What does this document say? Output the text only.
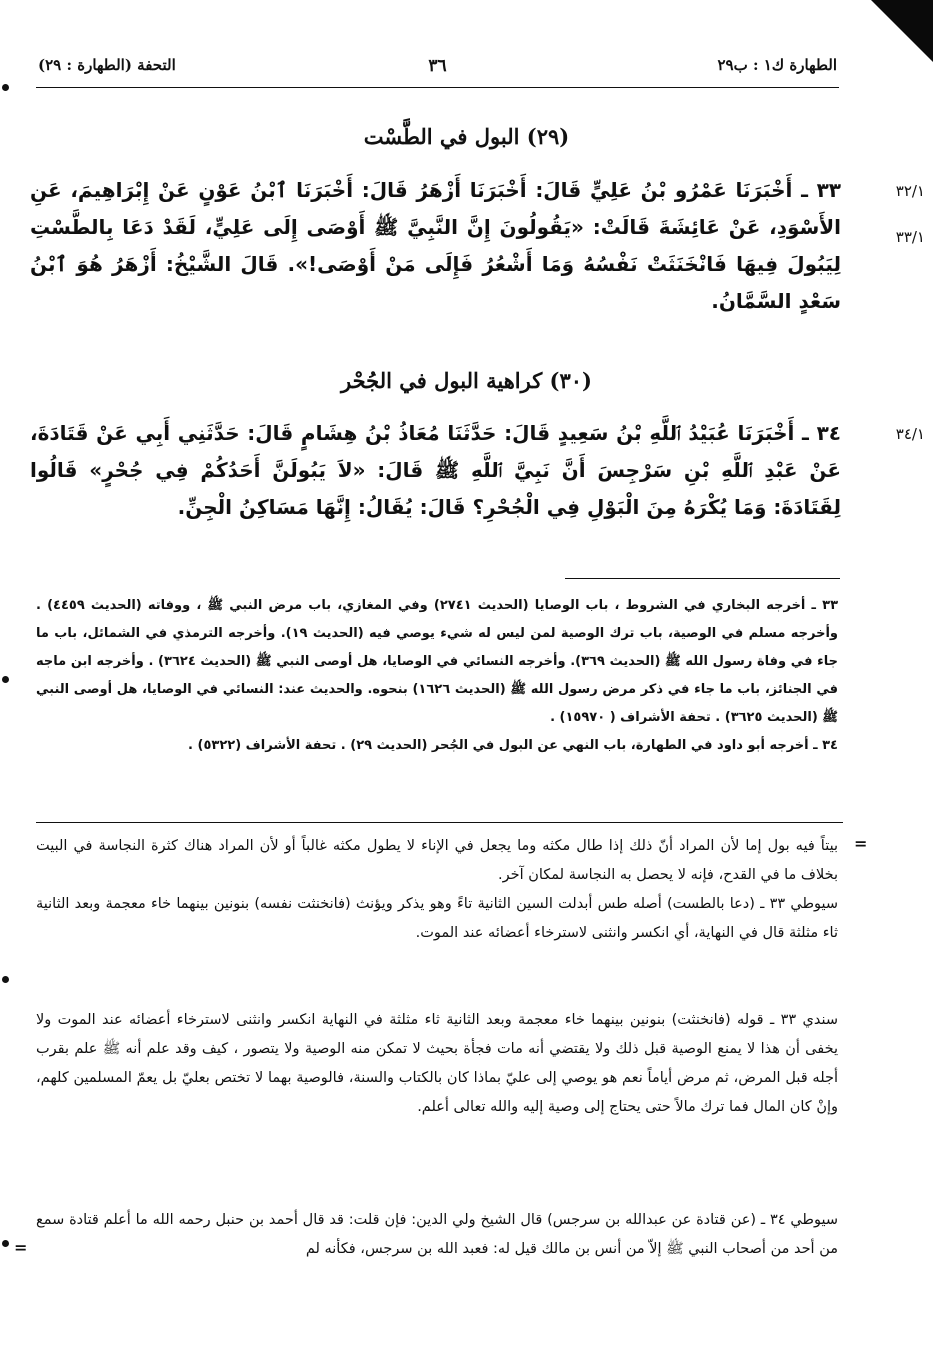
الطهارة ك١ : ب٢٩
٣٦
التحفة (الطهارة : ٢٩)
(٢٩) البول في الطَّسْت
٣٢/١
٣٣/١
٣٣ ـ أَخْبَرَنَا عَمْرُو بْنُ عَلِيٍّ قَالَ: أَخْبَرَنَا أَزْهَرُ قَالَ: أَخْبَرَنَا ٱبْنُ عَوْنٍ عَنْ إِبْرَاهِيمَ، عَنِ الأَسْوَدِ، عَنْ عَائِشَةَ قَالَتْ: «يَقُولُونَ إِنَّ النَّبِيَّ ﷺ أَوْصَى إِلَى عَلِيٍّ، لَقَدْ دَعَا بِالطَّسْتِ لِيَبُولَ فِيهَا فَانْخَنَثَتْ نَفْسُهُ وَمَا أَشْعُرُ فَإِلَى مَنْ أَوْصَى!». قَالَ الشَّيْخُ: أَزْهَرُ هُوَ ٱبْنُ سَعْدٍ السَّمَّانُ.
(٣٠) كراهية البول في الجُحْر
٣٤/١
٣٤ ـ أَخْبَرَنَا عُبَيْدُ ٱللَّهِ بْنُ سَعِيدٍ قَالَ: حَدَّثَنَا مُعَاذُ بْنُ هِشَامٍ قَالَ: حَدَّثَنِي أَبِي عَنْ قَتَادَةَ، عَنْ عَبْدِ ٱللَّهِ بْنِ سَرْجِسَ أَنَّ نَبِيَّ ٱللَّهِ ﷺ قَالَ: «لاَ يَبُولَنَّ أَحَدُكُمْ فِي جُحْرٍ» قَالُوا لِقَتَادَةَ: وَمَا يُكْرَهُ مِنَ الْبَوْلِ فِي الْجُحْرِ؟ قَالَ: يُقَالُ: إِنَّهَا مَسَاكِنُ الْجِنِّ.

٣٣ ـ أخرجه البخاري في الشروط ، باب الوصايا (الحديث ٢٧٤١) وفي المغازي، باب مرض النبي ﷺ ، ووفاته (الحديث ٤٤٥٩) . وأخرجه مسلم في الوصية، باب ترك الوصية لمن ليس له شيء يوصي فيه (الحديث ١٩). وأخرجه الترمذي في الشمائل، باب ما جاء في وفاة رسول الله ﷺ (الحديث ٣٦٩). وأخرجه النسائي في الوصايا، هل أوصى النبي ﷺ (الحديث ٣٦٢٤) . وأخرجه ابن ماجه في الجنائز، باب ما جاء في ذكر مرض رسول الله ﷺ (الحديث ١٦٢٦) بنحوه. والحديث عند: النسائي في الوصايا، هل أوصى النبي ﷺ (الحديث ٣٦٢٥) . تحفة الأشراف ( ١٥٩٧٠) .

٣٤ ـ أخرجه أبو داود في الطهارة، باب النهي عن البول في الجُحر (الحديث ٢٩) . تحفة الأشراف (٥٣٢٢) .

=

بيتاً فيه بول إما لأن المراد أنّ ذلك إذا طال مكثه وما يجعل في الإناء لا يطول مكثه غالباً أو لأن المراد هناك كثرة النجاسة في البيت بخلاف ما في القدح، فإنه لا يحصل به النجاسة لمكان آخر.

سيوطي ٣٣ ـ (دعا بالطست) أصله طس أبدلت السين الثانية تاءً وهو يذكر ويؤنث (فانخنثت نفسه) بنونين بينهما خاء معجمة وبعد الثانية ثاء مثلثة قال في النهاية، أي انكسر وانثنى لاسترخاء أعضائه عند الموت.

سندي ٣٣ ـ قوله (فانخنثت) بنونين بينهما خاء معجمة وبعد الثانية ثاء مثلثة في النهاية انكسر وانثنى لاسترخاء أعضائه عند الموت ولا يخفى أن هذا لا يمنع الوصية قبل ذلك ولا يقتضي أنه مات فجأة بحيث لا تمكن منه الوصية ولا يتصور ، كيف وقد علم أنه ﷺ علم بقرب أجله قبل المرض، ثم مرض أياماً نعم هو يوصي إلى عليّ بماذا كان بالكتاب والسنة، فالوصية بهما لا تختص بعليّ بل يعمّ المسلمين كلهم، وإنْ كان المال فما ترك مالاً حتى يحتاج إلى وصية إليه والله تعالى أعلم.

سيوطي ٣٤ ـ (عن قتادة عن عبدالله بن سرجس) قال الشيخ ولي الدين: فإن قلت: قد قال أحمد بن حنبل رحمه الله ما أعلم قتادة سمع من أحد من أصحاب النبي ﷺ إلاّ من أنس بن مالك قيل له: فعبد الله بن سرجس، فكأنه لم

=
